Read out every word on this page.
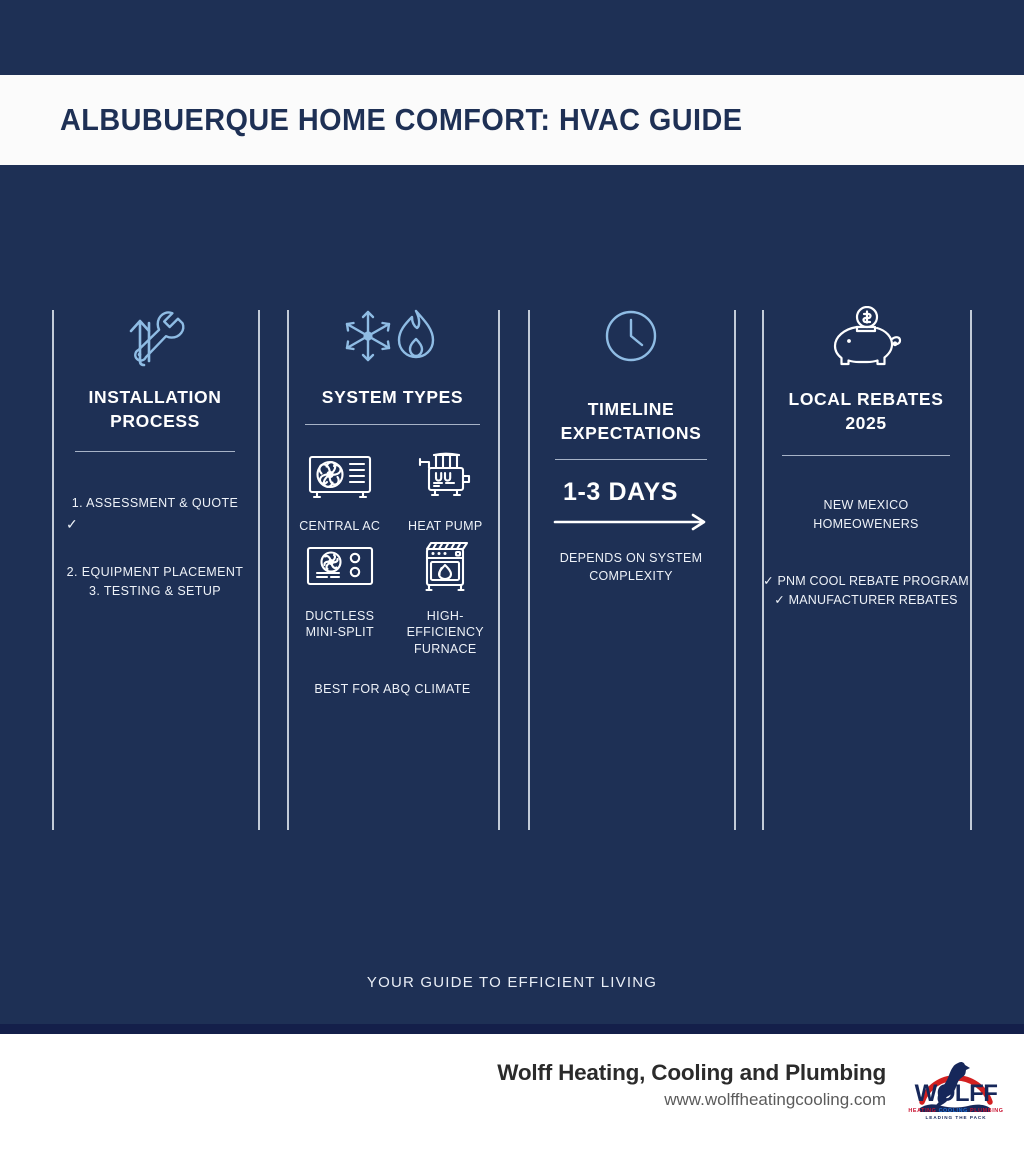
ALBUBUERQUE HOME COMFORT: HVAC GUIDE
INSTALLATION
PROCESS
1. ASSESSMENT & QUOTE
✓
2. EQUIPMENT PLACEMENT
3. TESTING & SETUP
SYSTEM TYPES
CENTRAL AC HEAT PUMP
DUCTLESS
MINI-SPLIT
HIGH-EFFICIENCY
FURNACE
BEST FOR ABQ CLIMATE
TIMELINE
EXPECTATIONS
1-3 DAYS
DEPENDS ON SYSTEM
COMPLEXITY
LOCAL REBATES
2025
NEW MEXICO
HOMEOWENERS
✓ PNM COOL REBATE PROGRAM
✓ MANUFACTURER REBATES
YOUR GUIDE TO EFFICIENT LIVING
Wolff Heating, Cooling and Plumbing
www.wolffheatingcooling.com	WOLFF
HEATING COOLING PLUMBING
LEADING THE PACK
